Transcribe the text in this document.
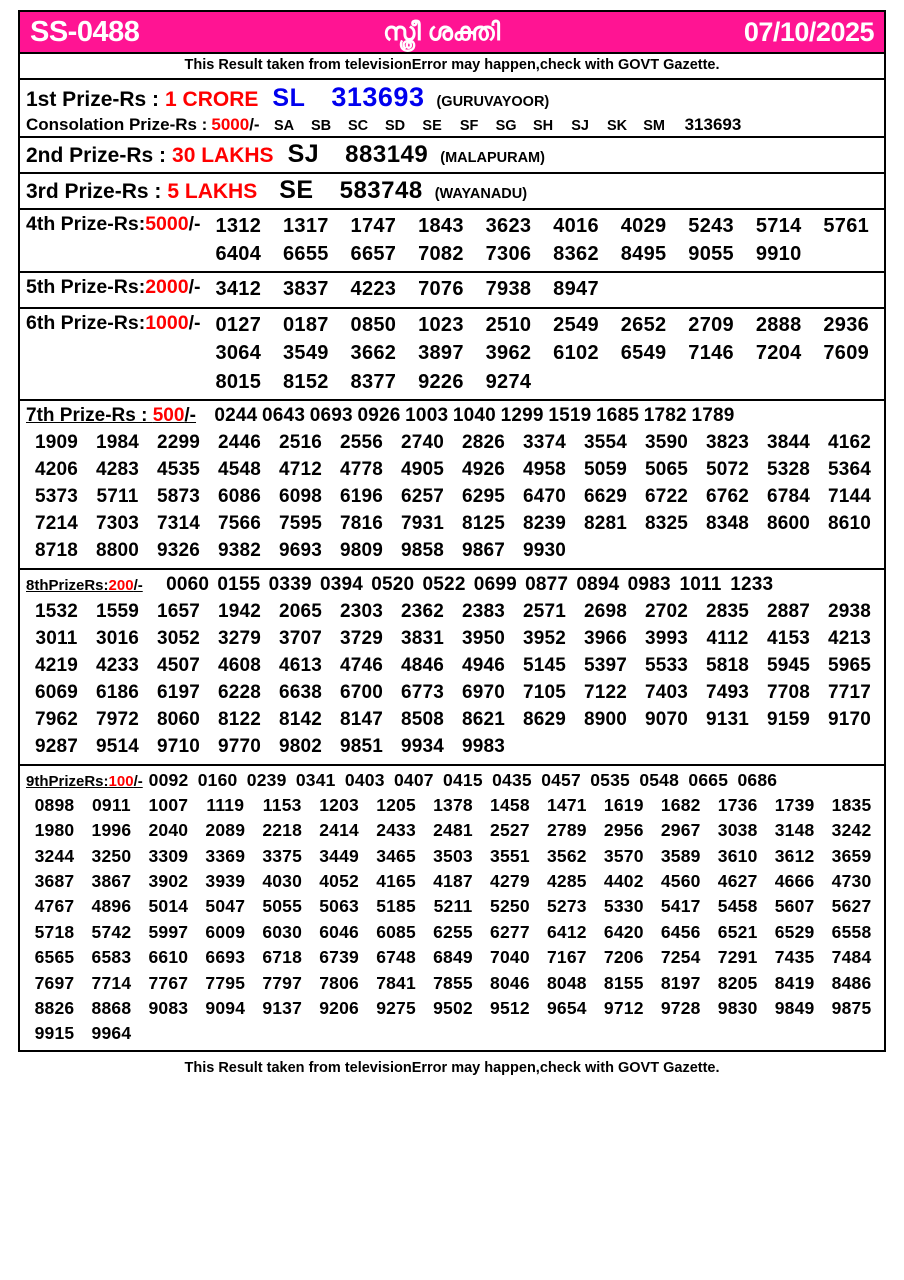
SS-0488	സ്ത്രീ ശക്തി	07/10/2025
This Result taken from televisionError may happen,check with GOVT Gazette.
1st Prize-Rs : 1 CRORE SL 313693 (GURUVAYOOR)
Consolation Prize-Rs : 5000 /- SA	SB	SC	SD	SE	SF	SG	SH	SJ	SK	SM	313693
2nd Prize-Rs : 30 LAKHS SJ 883149 (MALAPURAM)
3rd Prize-Rs : 5 LAKHS SE 583748 (WAYANADU)
4th Prize-Rs:5000/- 1312	1317	1747	1843	3623	4016	4029	5243	5714	5761
6404	6655	6657	7082	7306	8362	8495	9055	9910
5th Prize-Rs:2000/- 3412	3837	4223	7076	7938	8947
6th Prize-Rs:1000/- 0127	0187	0850	1023	2510	2549	2652	2709	2888	2936
3064	3549	3662	3897	3962	6102	6549	7146	7204	7609
8015	8152	8377	9226	9274
7th Prize-Rs : 500/- 0244 0643 0693 0926 1003 1040 1299 1519 1685 1782 1789
1909 1984 2299 2446 2516 2556 2740 2826 3374 3554 3590 3823 3844 4162
4206 4283 4535 4548 4712 4778 4905 4926 4958 5059 5065 5072 5328 5364
5373 5711 5873 6086 6098 6196 6257 6295 6470 6629 6722 6762 6784 7144
7214 7303 7314 7566 7595 7816 7931 8125 8239 8281 8325 8348 8600 8610
8718 8800 9326 9382 9693 9809 9858 9867 9930
8thPrizeRs:200/-	0060 0155 0339 0394 0520 0522 0699 0877 0894 0983 1011 1233
1532 1559 1657 1942 2065 2303 2362 2383 2571 2698 2702 2835 2887 2938
3011 3016 3052 3279 3707 3729 3831 3950 3952 3966 3993 4112 4153 4213
4219 4233 4507 4608 4613 4746 4846 4946 5145 5397 5533 5818 5945 5965
6069 6186 6197 6228 6638 6700 6773 6970 7105 7122 7403 7493 7708 7717
7962 7972 8060 8122 8142 8147 8508 8621 8629 8900 9070 9131 9159 9170
9287 9514 9710 9770 9802 9851 9934 9983
9thPrizeRs:100/- 0092 0160 0239 0341 0403 0407 0415 0435 0457 0535 0548 0665 0686
0898	0911	1007	1119	1153	1203 1205 1378 1458 1471 1619 1682 1736 1739 1835
1980 1996 2040 2089 2218 2414 2433 2481 2527 2789 2956 2967 3038 3148 3242
3244 3250 3309 3369 3375 3449 3465 3503 3551 3562 3570 3589 3610 3612 3659
3687 3867 3902 3939 4030 4052 4165 4187 4279 4285 4402 4560 4627 4666 4730
4767 4896 5014 5047 5055 5063 5185	5211	5250 5273 5330 5417 5458 5607 5627
5718 5742 5997 6009 6030 6046 6085 6255 6277 6412 6420 6456 6521 6529 6558
6565 6583 6610 6693 6718 6739 6748 6849 7040 7167 7206 7254 7291 7435 7484
7697 7714 7767 7795 7797 7806 7841 7855 8046 8048 8155 8197 8205 8419 8486
8826 8868 9083 9094 9137 9206 9275 9502 9512 9654 9712 9728 9830 9849 9875
9915 9964
This Result taken from televisionError may happen,check with GOVT Gazette.
